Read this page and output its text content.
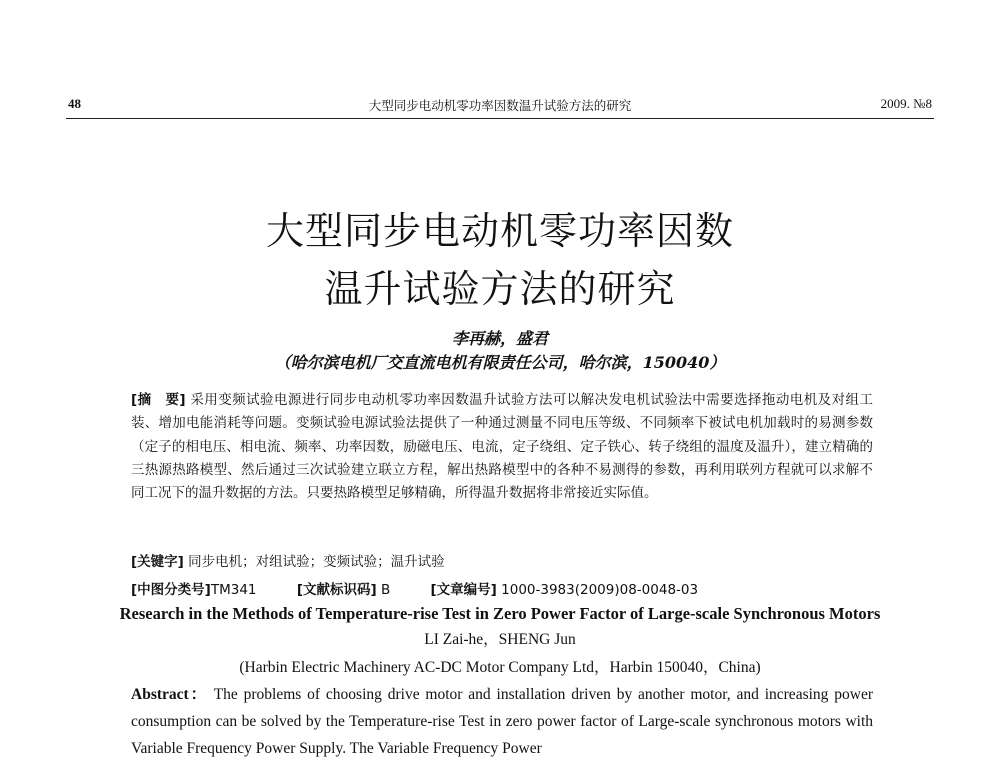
48	大型同步电动机零功率因数温升试验方法的研究	2009. №8
大型同步电动机零功率因数
温升试验方法的研究
李再赫，盛君
（哈尔滨电机厂交直流电机有限责任公司，哈尔滨，150040）
[摘　要] 采用变频试验电源进行同步电动机零功率因数温升试验方法可以解决发电机试验法中需要选择拖动电机及对组工装、增加电能消耗等问题。变频试验电源试验法提供了一种通过测量不同电压等级、不同频率下被试电机加载时的易测参数（定子的相电压、相电流、频率、功率因数，励磁电压、电流，定子绕组、定子铁心、转子绕组的温度及温升），建立精确的三热源热路模型、然后通过三次试验建立联立方程，解出热路模型中的各种不易测得的参数，再利用联列方程就可以求解不同工况下的温升数据的方法。只要热路模型足够精确，所得温升数据将非常接近实际值。
[关键字] 同步电机；对组试验；变频试验；温升试验
[中图分类号]TM341	[文献标识码] B	[文章编号] 1000-3983(2009)08-0048-03
Research in the Methods of Temperature-rise Test in Zero Power Factor of Large-scale Synchronous Motors
LI Zai-he，SHENG Jun
(Harbin Electric Machinery AC-DC Motor Company Ltd，Harbin 150040，China)
Abstract： The problems of choosing drive motor and installation driven by another motor, and increasing power consumption can be solved by the Temperature-rise Test in zero power factor of Large-scale synchronous motors with Variable Frequency Power Supply. The Variable Frequency Power
